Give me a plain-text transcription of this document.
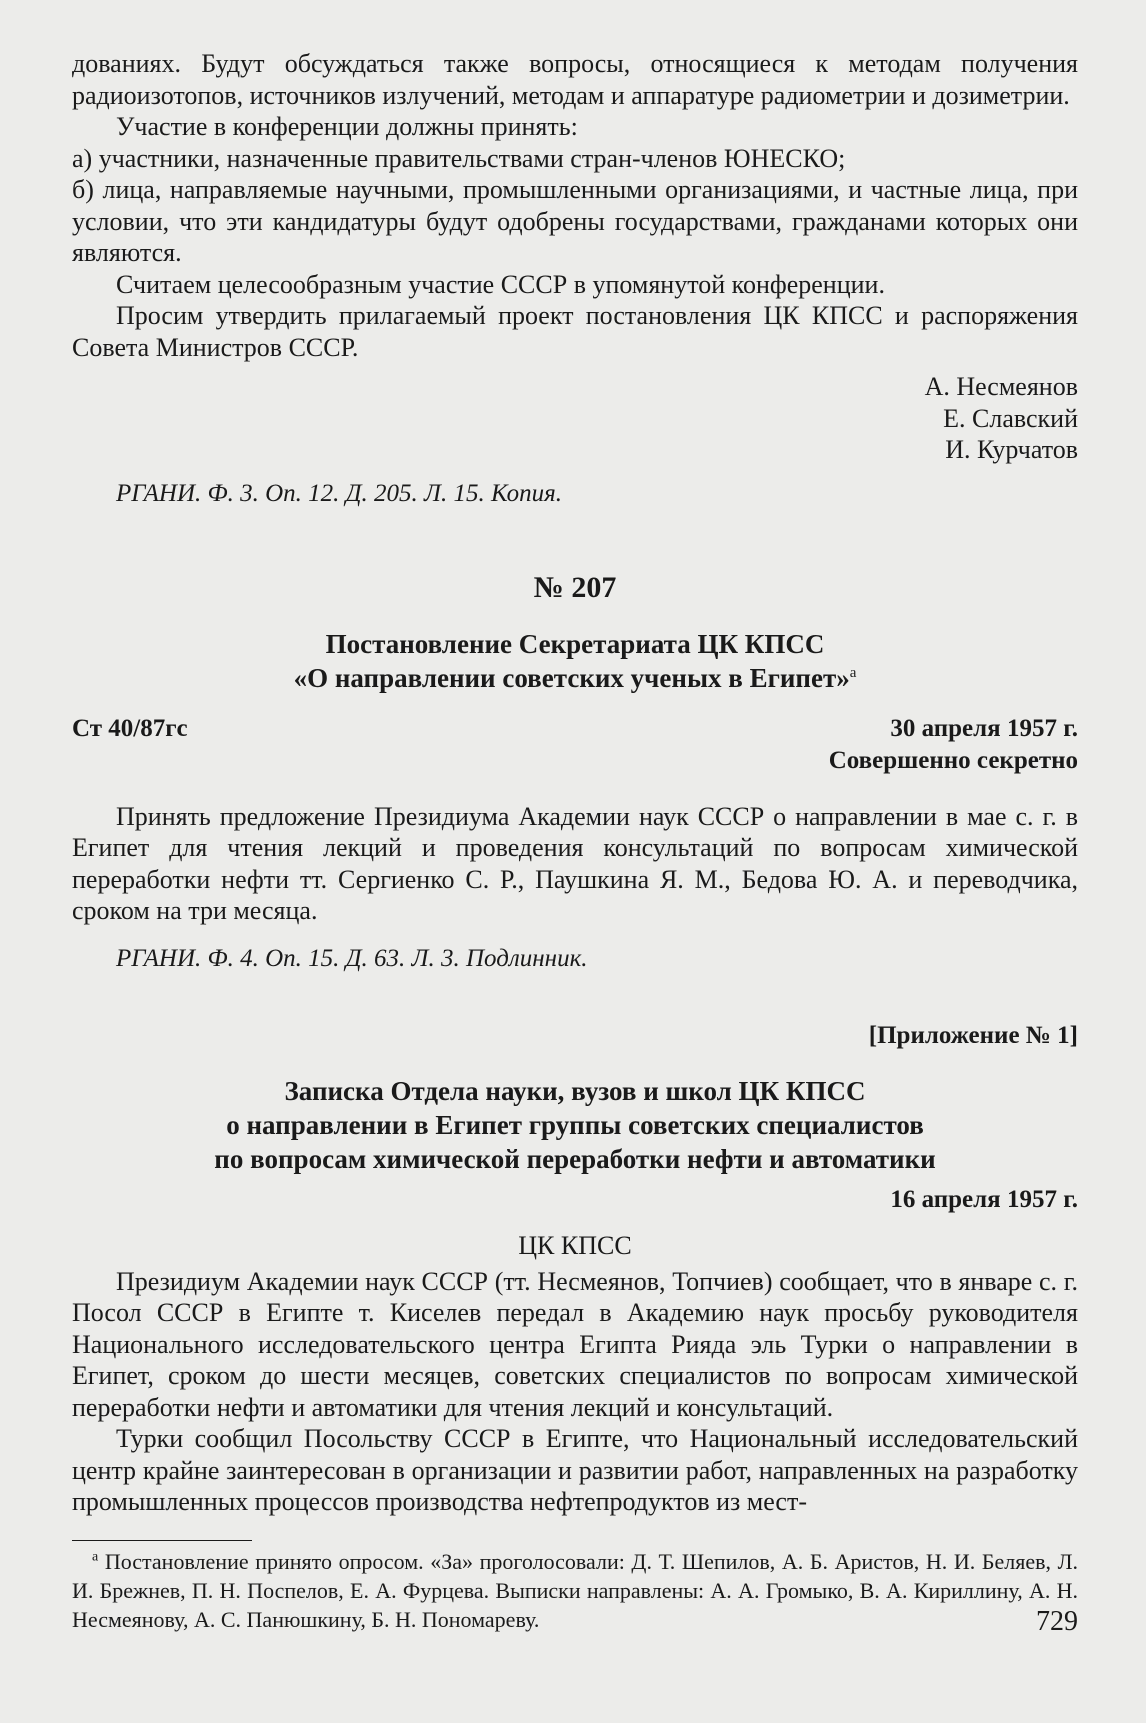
дованиях. Будут обсуждаться также вопросы, относящиеся к методам получения радиоизотопов, источников излучений, методам и аппаратуре радиометрии и дозиметрии.

Участие в конференции должны принять:

а) участники, назначенные правительствами стран-членов ЮНЕСКО;

б) лица, направляемые научными, промышленными организациями, и частные лица, при условии, что эти кандидатуры будут одобрены государствами, гражданами которых они являются.

Считаем целесообразным участие СССР в упомянутой конференции.

Просим утвердить прилагаемый проект постановления ЦК КПСС и распоряжения Совета Министров СССР.

А. Несмеянов
Е. Славский
И. Курчатов

РГАНИ. Ф. 3. Оп. 12. Д. 205. Л. 15. Копия.

№ 207
Постановление Секретариата ЦК КПСС
«О направлении советских ученых в Египет»$^а$
Ст 40/87гс	30 апреля 1957 г.
Совершенно секретно

Принять предложение Президиума Академии наук СССР о направлении в мае с. г. в Египет для чтения лекций и проведения консультаций по вопросам химической переработки нефти тт. Сергиенко С. Р., Паушкина Я. М., Бедова Ю. А. и переводчика, сроком на три месяца.

РГАНИ. Ф. 4. Оп. 15. Д. 63. Л. 3. Подлинник.

[Приложение № 1]
Записка Отдела науки, вузов и школ ЦК КПСС
о направлении в Египет группы советских специалистов
по вопросам химической переработки нефти и автоматики
16 апреля 1957 г.
ЦК КПСС

Президиум Академии наук СССР (тт. Несмеянов, Топчиев) сообщает, что в январе с. г. Посол СССР в Египте т. Киселев передал в Академию наук просьбу руководителя Национального исследовательского центра Египта Рияда эль Турки о направлении в Египет, сроком до шести месяцев, советских специалистов по вопросам химической переработки нефти и автоматики для чтения лекций и консультаций.

Турки сообщил Посольству СССР в Египте, что Национальный исследовательский центр крайне заинтересован в организации и развитии работ, направленных на разработку промышленных процессов производства нефтепродуктов из мест-

$^а$ Постановление принято опросом. «За» проголосовали: Д. Т. Шепилов, А. Б. Аристов, Н. И. Беляев, Л. И. Брежнев, П. Н. Поспелов, Е. А. Фурцева. Выписки направлены: А. А. Громыко, В. А. Кириллину, А. Н. Несмеянову, А. С. Панюшкину, Б. Н. Пономареву.	729
